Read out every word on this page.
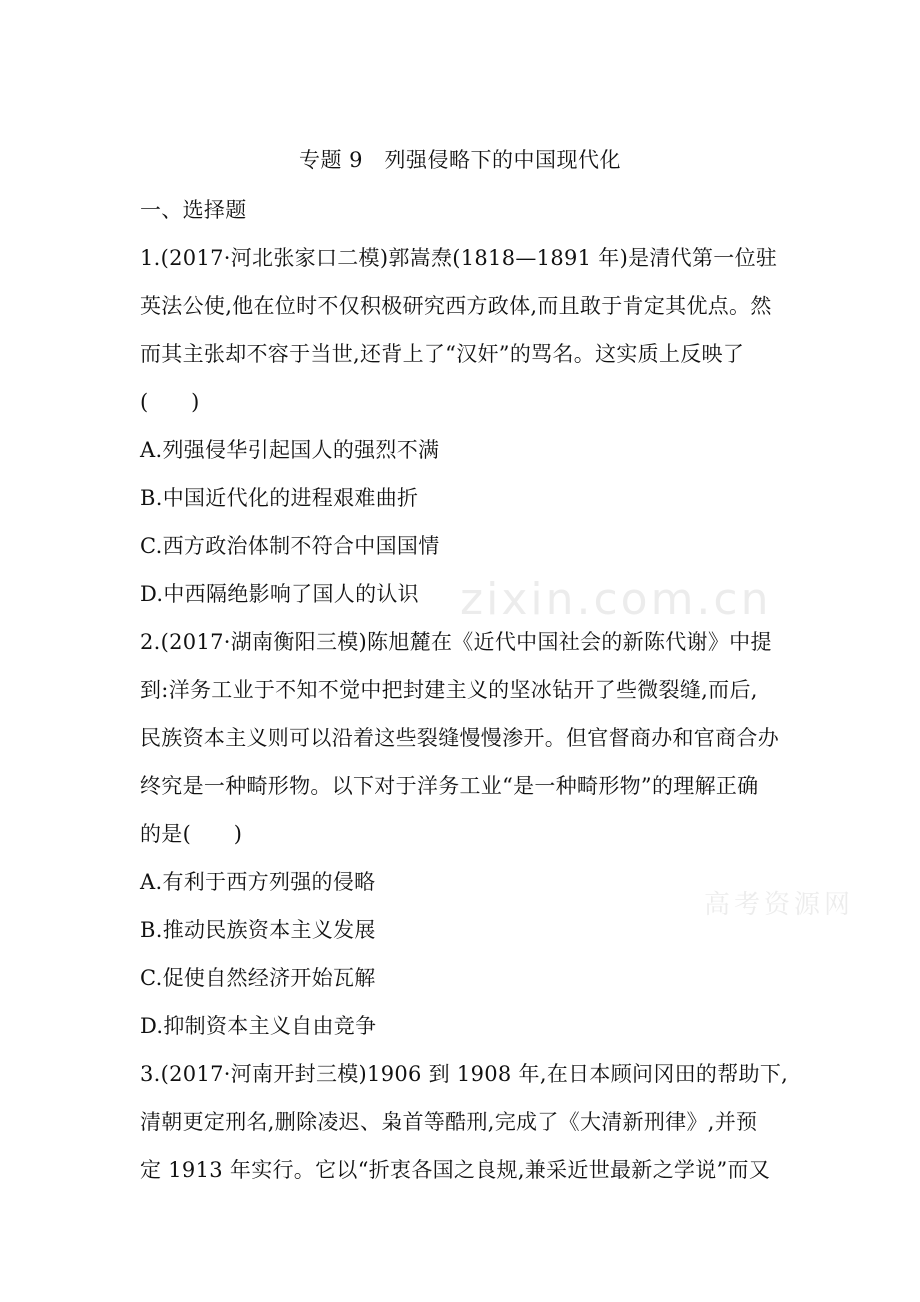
zixin.com.cn
高考资源网
专题 9　列强侵略下的中国现代化
一、选择题
1.(2017·河北张家口二模)郭嵩焘(1818—1891 年)是清代第一位驻
英法公使,他在位时不仅积极研究西方政体,而且敢于肯定其优点。然
而其主张却不容于当世,还背上了“汉奸”的骂名。这实质上反映了
(　　)
A.列强侵华引起国人的强烈不满
B.中国近代化的进程艰难曲折
C.西方政治体制不符合中国国情
D.中西隔绝影响了国人的认识
2.(2017·湖南衡阳三模)陈旭麓在《近代中国社会的新陈代谢》中提
到:洋务工业于不知不觉中把封建主义的坚冰钻开了些微裂缝,而后,
民族资本主义则可以沿着这些裂缝慢慢渗开。但官督商办和官商合办
终究是一种畸形物。以下对于洋务工业“是一种畸形物”的理解正确
的是(　　)
A.有利于西方列强的侵略
B.推动民族资本主义发展
C.促使自然经济开始瓦解
D.抑制资本主义自由竞争
3.(2017·河南开封三模)1906 到 1908 年,在日本顾问冈田的帮助下,
清朝更定刑名,删除凌迟、枭首等酷刑,完成了《大清新刑律》,并预
定 1913 年实行。它以“折衷各国之良规,兼采近世最新之学说”而又
